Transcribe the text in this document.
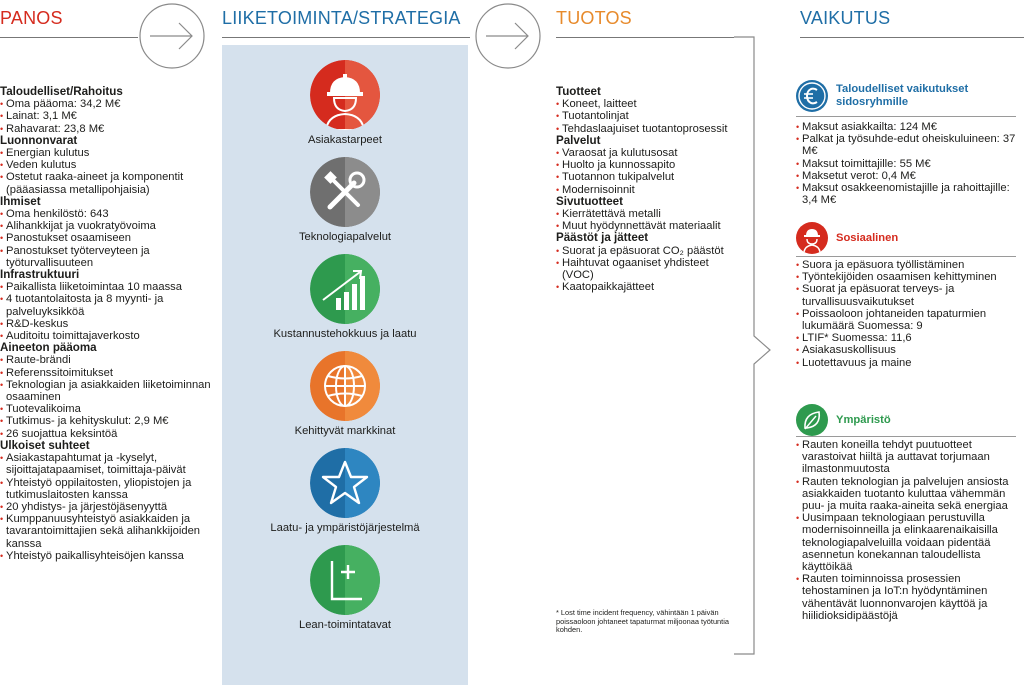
PANOS	LIIKETOIMINTA/STRATEGIA	TUOTOS	VAIKUTUS
Taloudelliset/Rahoitus
• Oma pääoma: 34,2 M€
• Lainat: 3,1 M€
• Rahavarat: 23,8 M€
Luonnonvarat
• Energian kulutus
• Veden kulutus
• Ostetut raaka-aineet ja komponentit (pääasiassa metallipohjaisia)
Ihmiset
• Oma henkilöstö: 643
• Alihankkijat ja vuokratyövoima
• Panostukset osaamiseen
• Panostukset työterveyteen ja työturvallisuuteen
Infrastruktuuri
• Paikallista liiketoimintaa 10 maassa
• 4 tuotantolaitosta ja 8 myynti- ja palveluyksikköä
• R&D-keskus
• Auditoitu toimittajaverkosto
Aineeton pääoma
• Raute-brändi
• Referenssitoimitukset
• Teknologian ja asiakkaiden liiketoiminnan osaaminen
• Tuotevalikoima
• Tutkimus- ja kehityskulut: 2,9 M€
• 26 suojattua keksintöä
Ulkoiset suhteet
• Asiakastapahtumat ja -kyselyt, sijoittajatapaamiset, toimittaja-päivät
• Yhteistyö oppilaitosten, yliopistojen ja tutkimuslaitosten kanssa
• 20 yhdistys- ja järjestöjäsenyyttä
• Kumppanuusyhteistyö asiakkaiden ja tavarantoimittajien sekä alihankkijoiden kanssa
• Yhteistyö paikallisyhteisöjen kanssa
Asiakastarpeet
Teknologiapalvelut
Kustannustehokkuus ja laatu
Kehittyvät markkinat
Laatu- ja ympäristöjärjestelmä
Lean-toimintatavat
Tuotteet
• Koneet, laitteet
• Tuotantolinjat
• Tehdaslaajuiset tuotantoprosessit
Palvelut
• Varaosat ja kulutusosat
• Huolto ja kunnossapito
• Tuotannon tukipalvelut
• Modernisoinnit
Sivutuotteet
• Kierrätettävä metalli
• Muut hyödynnettävät materiaalit
Päästöt ja jätteet
• Suorat ja epäsuorat CO₂ päästöt
• Haihtuvat ogaaniset yhdisteet (VOC)
• Kaatopaikkajätteet
* Lost time incident frequency, vähintään 1 päivän poissaoloon johtaneet tapaturmat miljoonaa työtuntia kohden.
Taloudelliset vaikutukset sidosryhmille
• Maksut asiakkailta: 124 M€
• Palkat ja työsuhde-edut oheiskuluineen: 37 M€
• Maksut toimittajille: 55 M€
• Maksetut verot: 0,4 M€
• Maksut osakkeenomistajille ja rahoittajille: 3,4 M€
Sosiaalinen
• Suora ja epäsuora työllistäminen
• Työntekijöiden osaamisen kehittyminen
• Suorat ja epäsuorat terveys- ja turvallisuusvaikutukset
• Poissaoloon johtaneiden tapaturmien lukumäärä Suomessa: 9
• LTIF* Suomessa: 11,6
• Asiakasuskollisuus
• Luotettavuus ja maine
Ympäristö
• Rauten koneilla tehdyt puutuotteet varastoivat hiiltä ja auttavat torjumaan ilmastonmuutosta
• Rauten teknologian ja palvelujen ansiosta asiakkaiden tuotanto kuluttaa vähemmän puu- ja muita raaka-aineita sekä energiaa
• Uusimpaan teknologiaan perustuvilla modernisoinneilla ja elinkaarenaikaisilla teknologiapalveluilla voidaan pidentää asennetun konekannan taloudellista käyttöikää
• Rauten toiminnoissa prosessien tehostaminen ja IoT:n hyödyntäminen vähentävät luonnonvarojen käyttöä ja hiilidioksidipäästöjä
